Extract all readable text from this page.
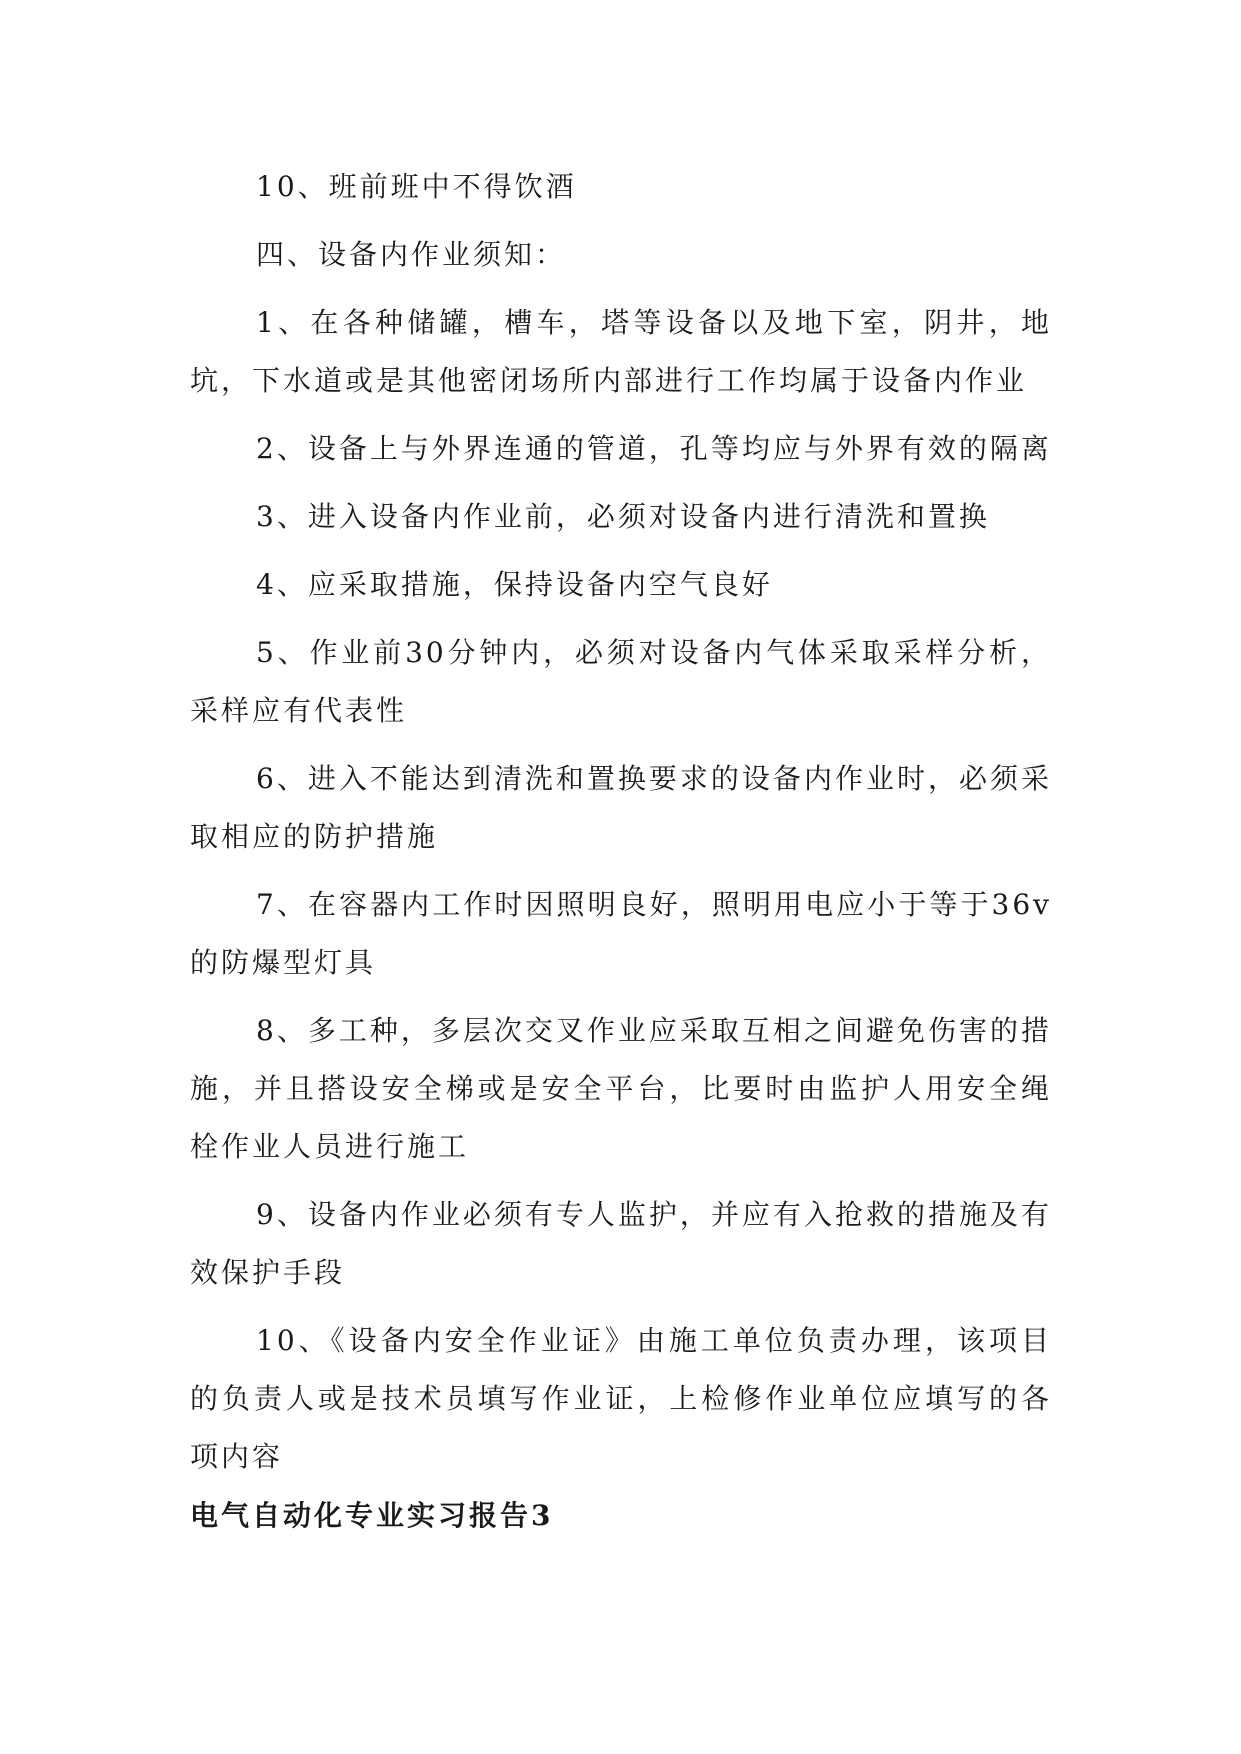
10、班前班中不得饮酒

四、设备内作业须知：

1、在各种储罐，槽车，塔等设备以及地下室，阴井，地坑，下水道或是其他密闭场所内部进行工作均属于设备内作业

2、设备上与外界连通的管道，孔等均应与外界有效的隔离

3、进入设备内作业前，必须对设备内进行清洗和置换

4、应采取措施，保持设备内空气良好

5、作业前30分钟内，必须对设备内气体采取采样分析，采样应有代表性

6、进入不能达到清洗和置换要求的设备内作业时，必须采取相应的防护措施

7、在容器内工作时因照明良好，照明用电应小于等于36v的防爆型灯具

8、多工种，多层次交叉作业应采取互相之间避免伤害的措施，并且搭设安全梯或是安全平台，比要时由监护人用安全绳栓作业人员进行施工

9、设备内作业必须有专人监护，并应有入抢救的措施及有效保护手段

10、《设备内安全作业证》由施工单位负责办理，该项目的负责人或是技术员填写作业证，上检修作业单位应填写的各项内容

电气自动化专业实习报告3
